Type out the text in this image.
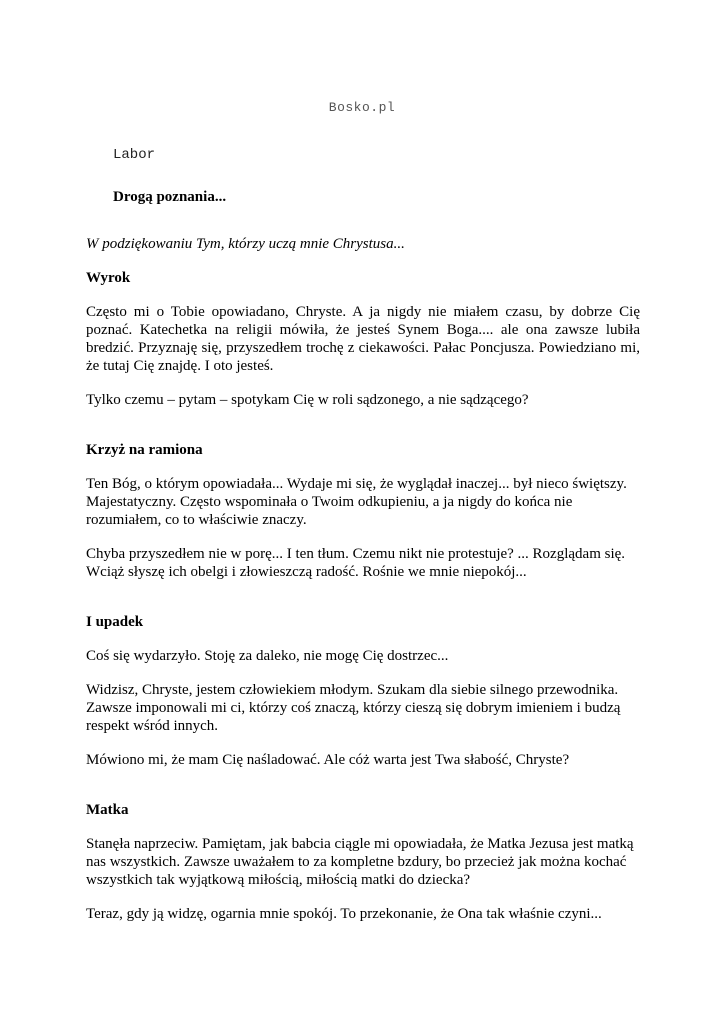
Bosko.pl
Labor
Drogą poznania...

W podziękowaniu Tym, którzy uczą mnie Chrystusa...

Wyrok

Często mi o Tobie opowiadano, Chryste. A ja nigdy nie miałem czasu, by dobrze Cię poznać. Katechetka na religii mówiła, że jesteś Synem Boga.... ale ona zawsze lubiła bredzić. Przyznaję się, przyszedłem trochę z ciekawości. Pałac Poncjusza. Powiedziano mi, że tutaj Cię znajdę. I oto jesteś.

Tylko czemu – pytam – spotykam Cię w roli sądzonego, a nie sądzącego?

Krzyż na ramiona

Ten Bóg, o którym opowiadała... Wydaje mi się, że wyglądał inaczej... był nieco świętszy. Majestatyczny. Często wspominała o Twoim odkupieniu, a ja nigdy do końca nie rozumiałem, co to właściwie znaczy.

Chyba przyszedłem nie w porę... I ten tłum. Czemu nikt nie protestuje? ... Rozglądam się. Wciąż słyszę ich obelgi i złowieszczą radość. Rośnie we mnie niepokój...

I upadek

Coś się wydarzyło. Stoję za daleko, nie mogę Cię dostrzec...

Widzisz, Chryste, jestem człowiekiem młodym. Szukam dla siebie silnego przewodnika. Zawsze imponowali mi ci, którzy coś znaczą, którzy cieszą się dobrym imieniem i budzą respekt wśród innych.

Mówiono mi, że mam Cię naśladować. Ale cóż warta jest Twa słabość, Chryste?

Matka

Stanęła naprzeciw. Pamiętam, jak babcia ciągle mi opowiadała, że Matka Jezusa jest matką nas wszystkich. Zawsze uważałem to za kompletne bzdury, bo przecież jak można kochać wszystkich tak wyjątkową miłością, miłością matki do dziecka?

Teraz, gdy ją widzę, ogarnia mnie spokój. To przekonanie, że Ona tak właśnie czyni...
